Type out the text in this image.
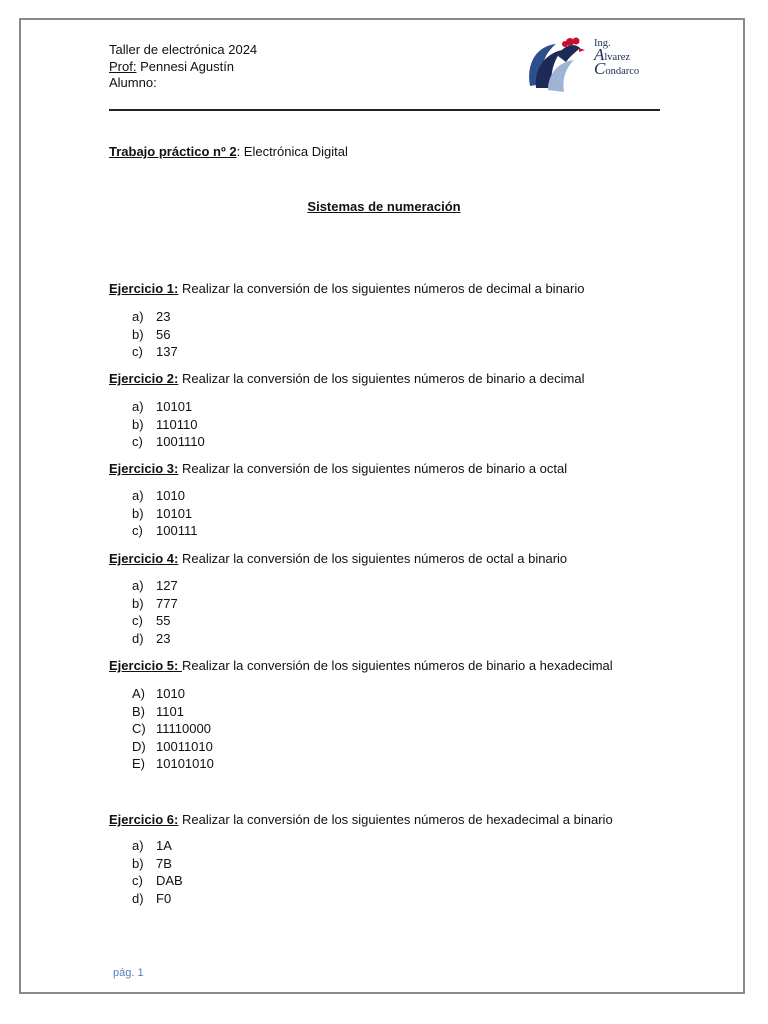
Taller de electrónica 2024
Prof: Pennesi Agustín
Alumno:
Ing.
Alvarez
Condarco
Trabajo práctico nº 2: Electrónica Digital
Sistemas de numeración
Ejercicio 1: Realizar la conversión de los siguientes números de decimal a binario
a) 23
b) 56
c) 137
Ejercicio 2: Realizar la conversión de los siguientes números de binario a decimal
a) 10101
b) 110110
c) 1001110
Ejercicio 3: Realizar la conversión de los siguientes números de binario a octal
a) 1010
b) 10101
c) 100111
Ejercicio 4: Realizar la conversión de los siguientes números de octal a binario
a) 127
b) 777
c) 55
d) 23
Ejercicio 5: Realizar la conversión de los siguientes números de binario a hexadecimal
A) 1010
B) 1101
C) 11110000
D) 10011010
E) 10101010
Ejercicio 6: Realizar la conversión de los siguientes números de hexadecimal a binario
a) 1A
b) 7B
c) DAB
d) F0
pág. 1
